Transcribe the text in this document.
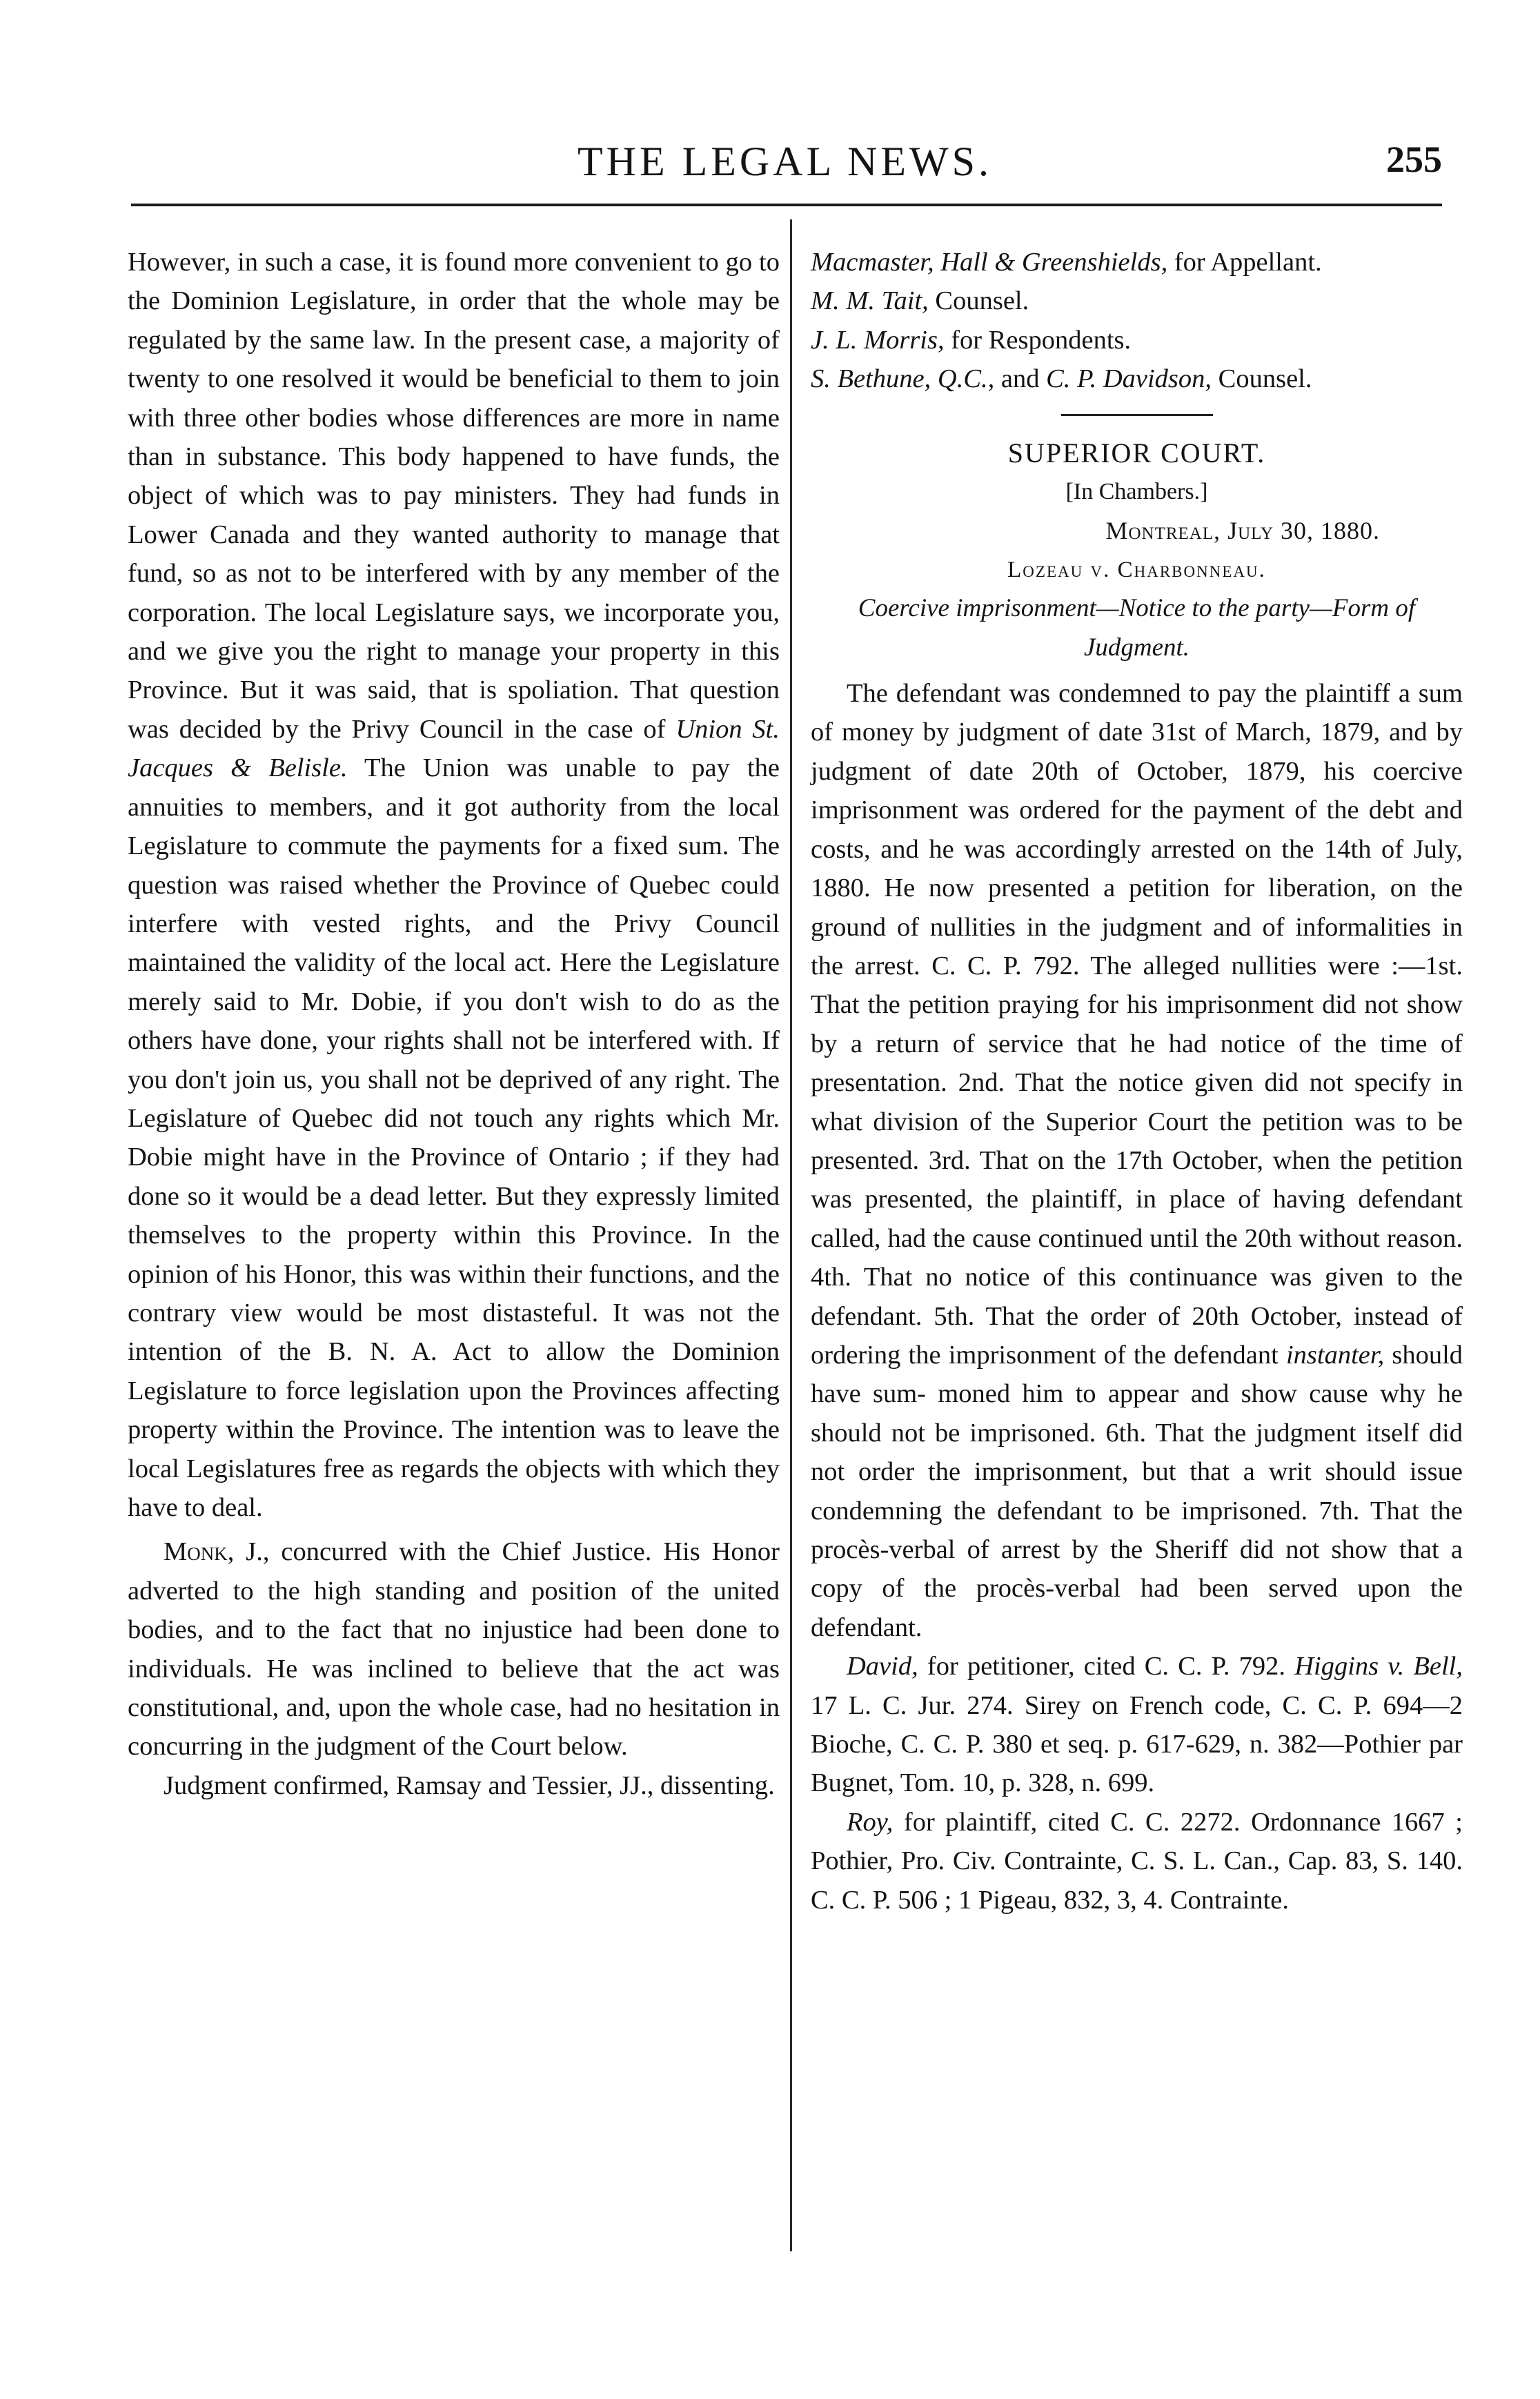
THE LEGAL NEWS.	255

However, in such a case, it is found more convenient to go to the Dominion Legislature, in order that the whole may be regulated by the same law. In the present case, a majority of twenty to one resolved it would be beneficial to them to join with three other bodies whose differences are more in name than in substance. This body happened to have funds, the object of which was to pay ministers. They had funds in Lower Canada and they wanted authority to manage that fund, so as not to be interfered with by any member of the corporation. The local Legislature says, we incorporate you, and we give you the right to manage your property in this Province. But it was said, that is spoliation. That question was decided by the Privy Council in the case of Union St. Jacques & Belisle. The Union was unable to pay the annuities to members, and it got authority from the local Legislature to commute the payments for a fixed sum. The question was raised whether the Province of Quebec could interfere with vested rights, and the Privy Council maintained the validity of the local act. Here the Legislature merely said to Mr. Dobie, if you don't wish to do as the others have done, your rights shall not be interfered with. If you don't join us, you shall not be deprived of any right. The Legislature of Quebec did not touch any rights which Mr. Dobie might have in the Province of Ontario ; if they had done so it would be a dead letter. But they expressly limited themselves to the property within this Province. In the opinion of his Honor, this was within their functions, and the contrary view would be most distasteful. It was not the intention of the B. N. A. Act to allow the Dominion Legislature to force legislation upon the Provinces affecting property within the Province. The intention was to leave the local Legislatures free as regards the objects with which they have to deal.

Monk, J., concurred with the Chief Justice. His Honor adverted to the high standing and position of the united bodies, and to the fact that no injustice had been done to individuals. He was inclined to believe that the act was constitutional, and, upon the whole case, had no hesitation in concurring in the judgment of the Court below.

Judgment confirmed, Ramsay and Tessier, JJ., dissenting.

Macmaster, Hall & Greenshields, for Appellant.

M. M. Tait, Counsel.

J. L. Morris, for Respondents.

S. Bethune, Q.C., and C. P. Davidson, Counsel.

SUPERIOR COURT.

[In Chambers.]

Montreal, July 30, 1880.

Lozeau v. Charbonneau.

Coercive imprisonment—Notice to the party—Form of Judgment.

The defendant was condemned to pay the plaintiff a sum of money by judgment of date 31st of March, 1879, and by judgment of date 20th of October, 1879, his coercive imprisonment was ordered for the payment of the debt and costs, and he was accordingly arrested on the 14th of July, 1880. He now presented a petition for liberation, on the ground of nullities in the judgment and of informalities in the arrest. C. C. P. 792. The alleged nullities were :—1st. That the petition praying for his imprisonment did not show by a return of service that he had notice of the time of presentation. 2nd. That the notice given did not specify in what division of the Superior Court the petition was to be presented. 3rd. That on the 17th October, when the petition was presented, the plaintiff, in place of having defendant called, had the cause continued until the 20th without reason. 4th. That no notice of this continuance was given to the defendant. 5th. That the order of 20th October, instead of ordering the imprisonment of the defendant instanter, should have sum- moned him to appear and show cause why he should not be imprisoned. 6th. That the judgment itself did not order the imprisonment, but that a writ should issue condemning the defendant to be imprisoned. 7th. That the procès-verbal of arrest by the Sheriff did not show that a copy of the procès-verbal had been served upon the defendant.

David, for petitioner, cited C. C. P. 792. Higgins v. Bell, 17 L. C. Jur. 274. Sirey on French code, C. C. P. 694—2 Bioche, C. C. P. 380 et seq. p. 617-629, n. 382—Pothier par Bugnet, Tom. 10, p. 328, n. 699.

Roy, for plaintiff, cited C. C. 2272. Ordonnance 1667 ; Pothier, Pro. Civ. Contrainte, C. S. L. Can., Cap. 83, S. 140. C. C. P. 506 ; 1 Pigeau, 832, 3, 4. Contrainte.
